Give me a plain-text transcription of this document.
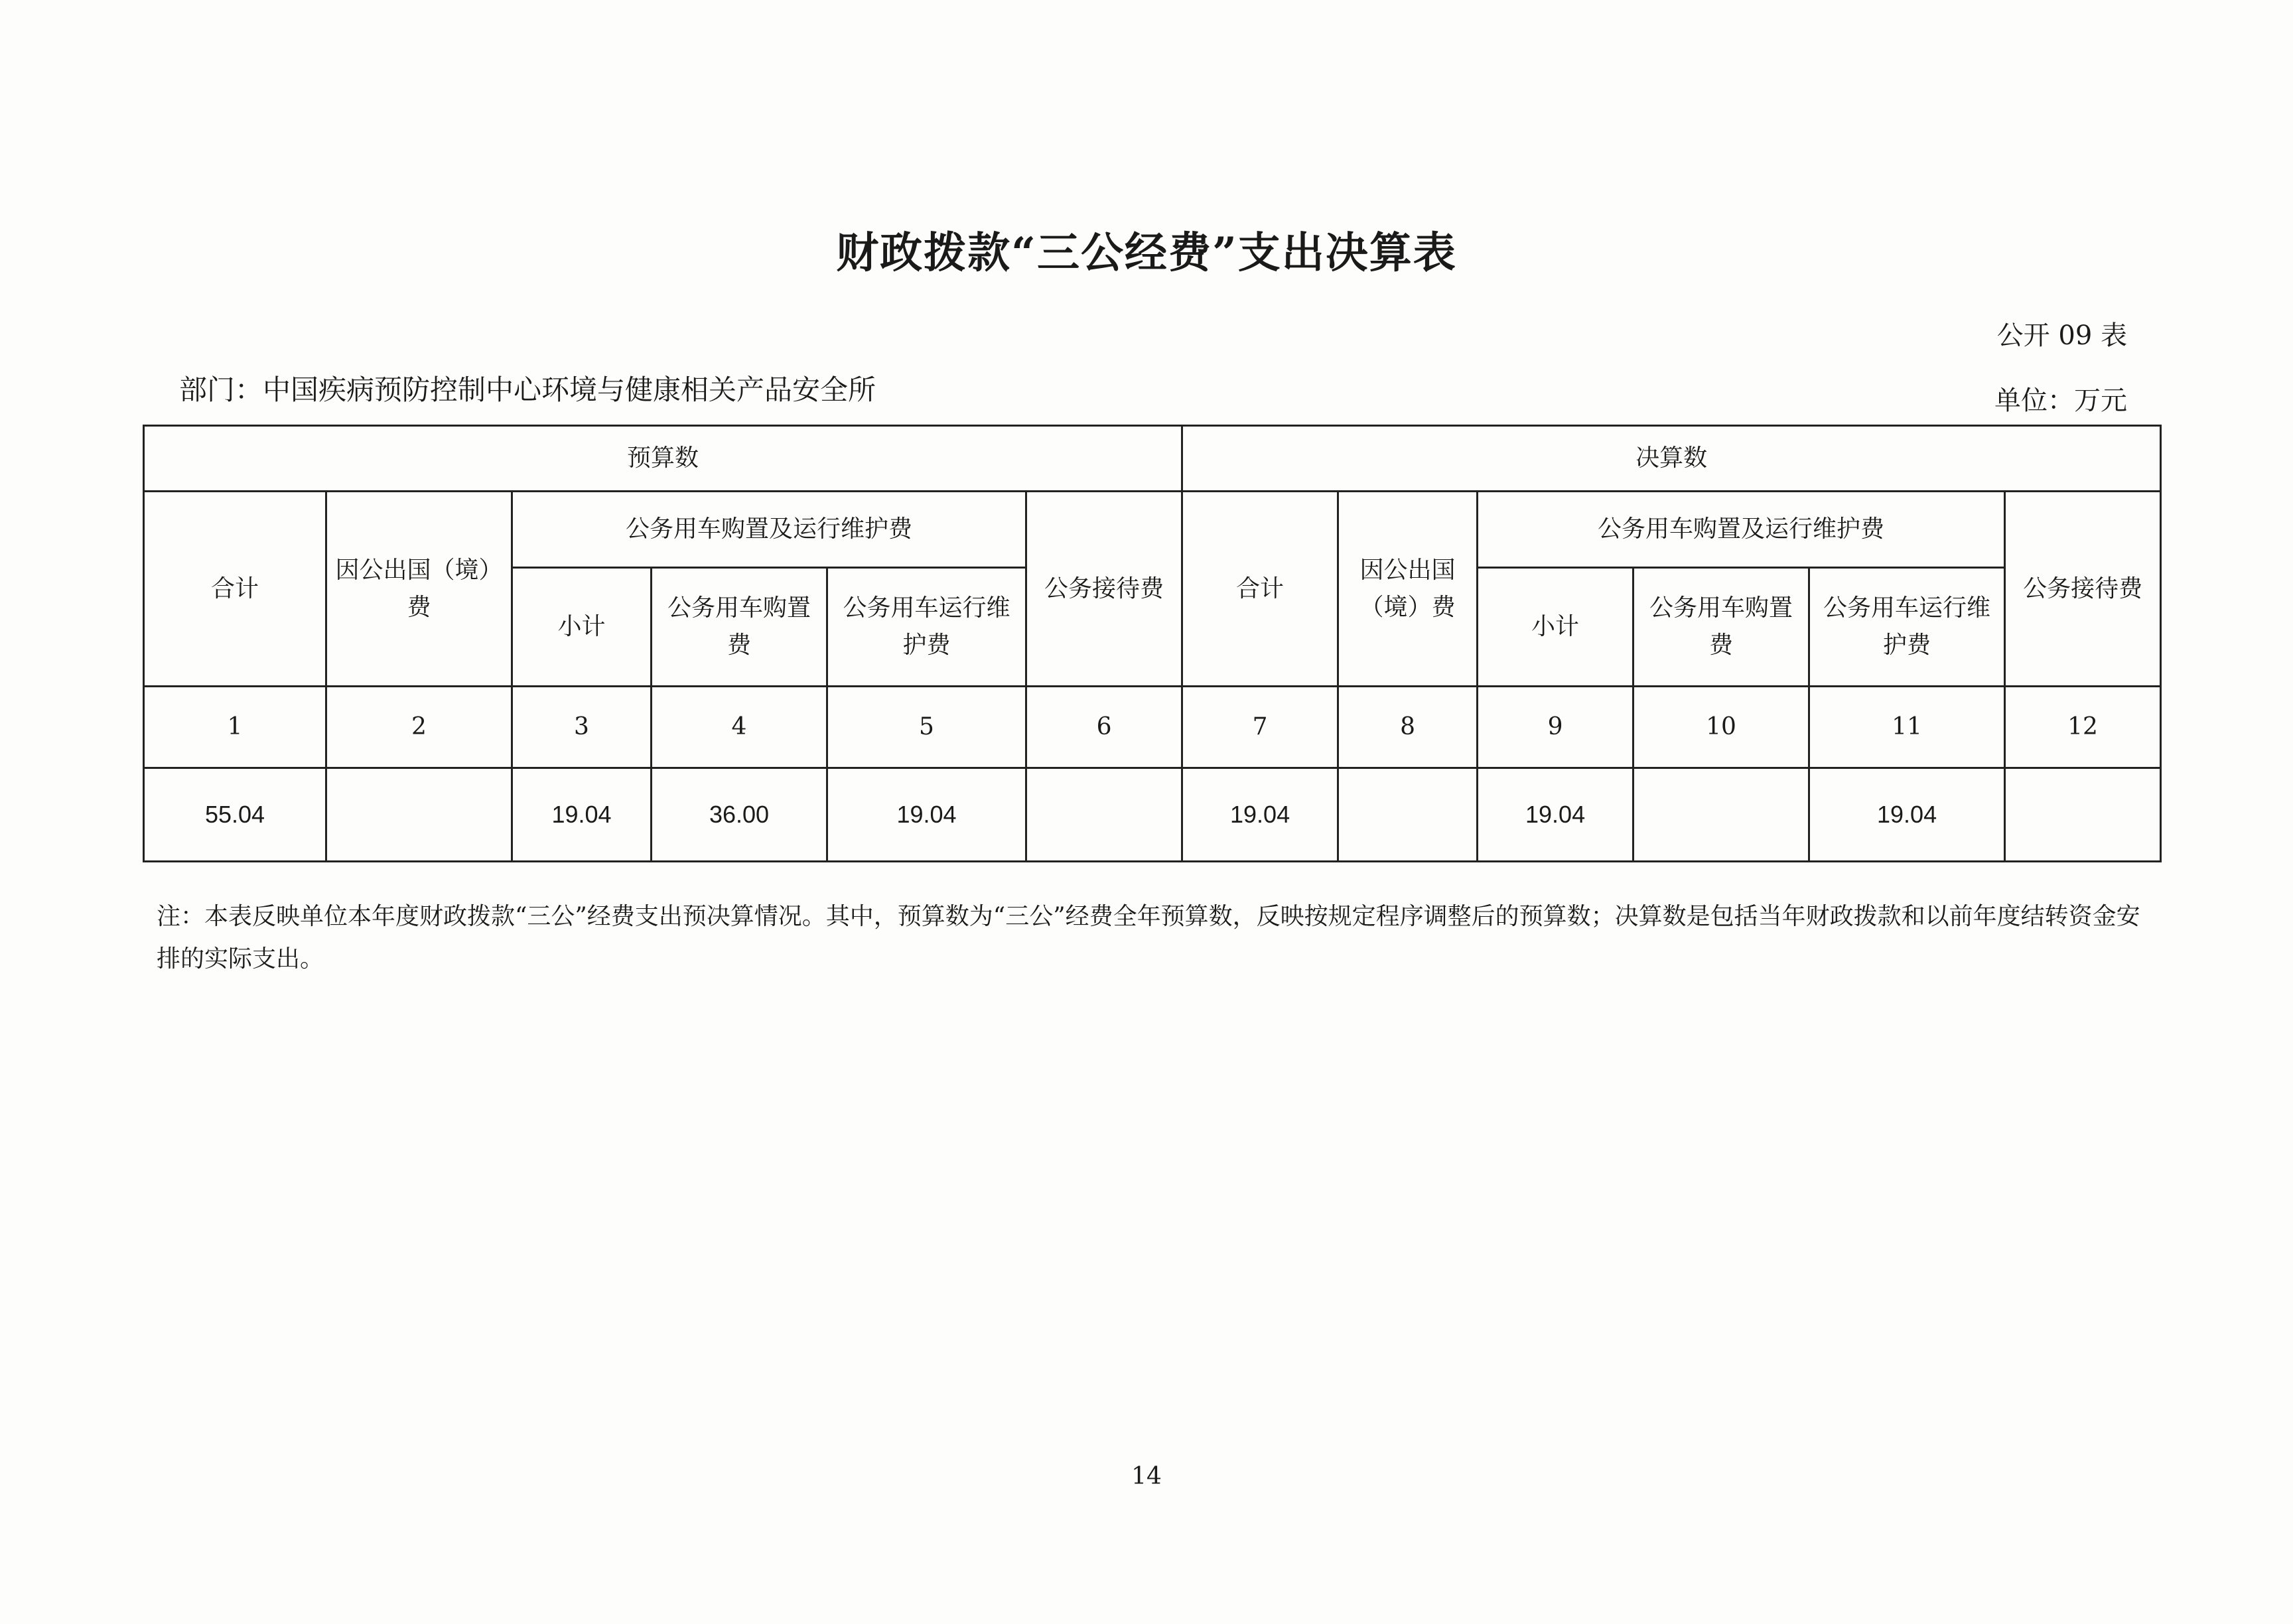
财政拨款“三公经费”支出决算表
公开 09 表
部门：中国疾病预防控制中心环境与健康相关产品安全所	单位：万元
预算数						决算数					
合计	因公出国（境）费	公务用车购置及运行维护费			公务接待费	合计	因公出国（境）费	公务用车购置及运行维护费			公务接待费
		小计	公务用车购置费	公务用车运行维护费				小计	公务用车购置费	公务用车运行维护费	
1	2	3	4	5	6	7	8	9	10	11	12
55.04		19.04	36.00	19.04		19.04		19.04		19.04	
注：本表反映单位本年度财政拨款“三公”经费支出预决算情况。其中，预算数为“三公”经费全年预算数，反映按规定程序调整后的预算数；决算数是包括当年财政拨款和以前年度结转资金安排的实际支出。
14
